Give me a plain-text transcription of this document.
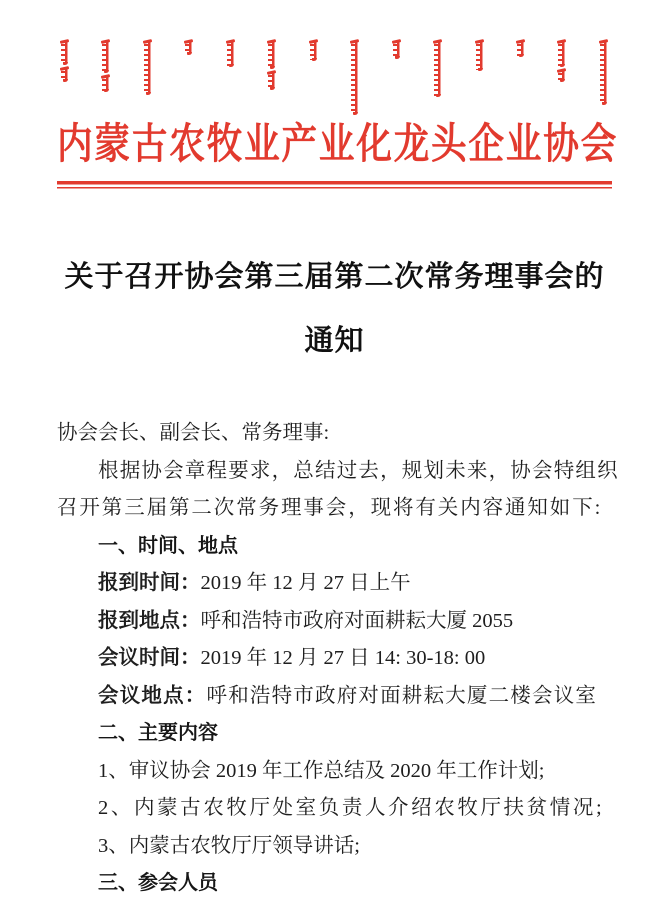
内蒙古农牧业产业化龙头企业协会
关于召开协会第三届第二次常务理事会的
通知

协会会长、副会长、常务理事:

根据协会章程要求，总结过去，规划未来，协会特组织

召开第三届第二次常务理事会，现将有关内容通知如下:

一、时间、地点

报到时间：2019 年 12 月 27 日上午

报到地点：呼和浩特市政府对面耕耘大厦 2055

会议时间：2019 年 12 月 27 日 14: 30-18: 00

会议地点：呼和浩特市政府对面耕耘大厦二楼会议室

二、主要内容

1、审议协会 2019 年工作总结及 2020 年工作计划;

2、内蒙古农牧厅处室负责人介绍农牧厅扶贫情况;

3、内蒙古农牧厅厅领导讲话;

三、参会人员
